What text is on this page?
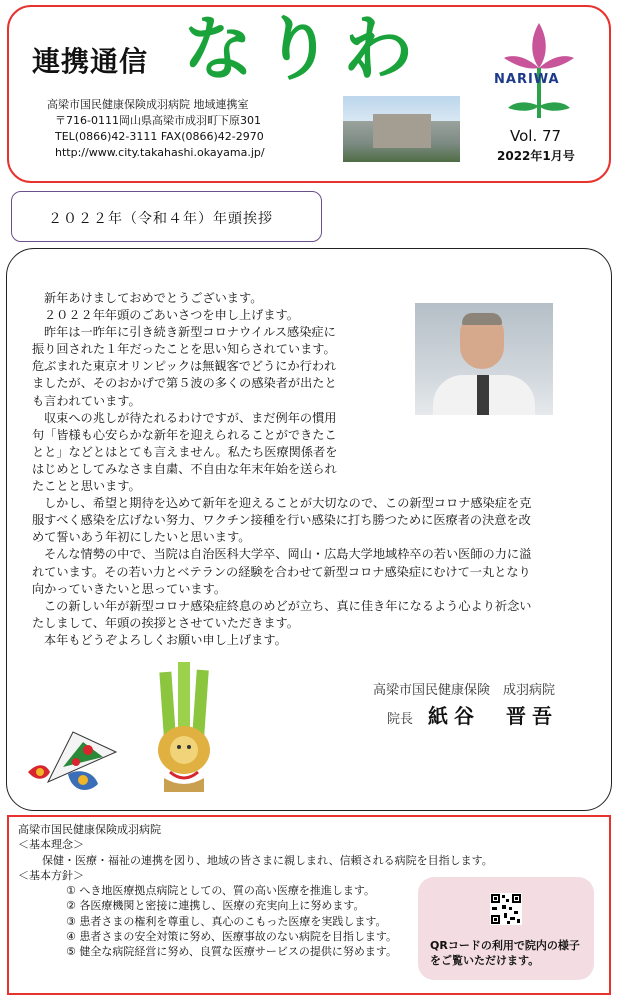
連携通信 なりわ
高梁市国民健康保険成羽病院 地域連携室
〒716-0111岡山県高梁市成羽町下原301
TEL(0866)42-3111 FAX(0866)42-2970
http://www.city.takahashi.okayama.jp/
NARIWA
Vol. 77
2022年1月号
２０２２年（令和４年）年頭挨拶

新年あけましておめでとうございます。

２０２２年年頭のごあいさつを申し上げます。

昨年は一昨年に引き続き新型コロナウイルス感染症に

振り回された１年だったことを思い知らされています。

危ぶまれた東京オリンピックは無観客でどうにか行われ

ましたが、そのおかげで第５波の多くの感染者が出たと

も言われています。

収束への兆しが待たれるわけですが、まだ例年の慣用

句「皆様も心安らかな新年を迎えられることができたこ

とと」などとはとても言えません。私たち医療関係者を

はじめとしてみなさま自粛、不自由な年末年始を送られ

たことと思います。

しかし、希望と期待を込めて新年を迎えることが大切なので、この新型コロナ感染症を克

服すべく感染を広げない努力、ワクチン接種を行い感染に打ち勝つために医療者の決意を改

めて誓いあう年初にしたいと思います。

そんな情勢の中で、当院は自治医科大学卒、岡山・広島大学地域枠卒の若い医師の力に溢

れています。その若い力とベテランの経験を合わせて新型コロナ感染症にむけて一丸となり

向かっていきたいと思っています。

この新しい年が新型コロナ感染症終息のめどが立ち、真に佳き年になるよう心より祈念い

たしまして、年頭の挨拶とさせていただきます。

本年もどうぞよろしくお願い申し上げます。

高梁市国民健康保険　成羽病院
院長 紙谷　晋吾
高梁市国民健康保険成羽病院
＜基本理念＞
保健・医療・福祉の連携を図り、地域の皆さまに親しまれ、信頼される病院を目指します。
＜基本方針＞
① へき地医療拠点病院としての、質の高い医療を推進します。
② 各医療機関と密接に連携し、医療の充実向上に努めます。
③ 患者さまの権利を尊重し、真心のこもった医療を実践します。
④ 患者さまの安全対策に努め、医療事故のない病院を目指します。
⑤ 健全な病院経営に努め、良質な医療サービスの提供に努めます。	QRコードの利用で院内の様子をご覧いただけます。
